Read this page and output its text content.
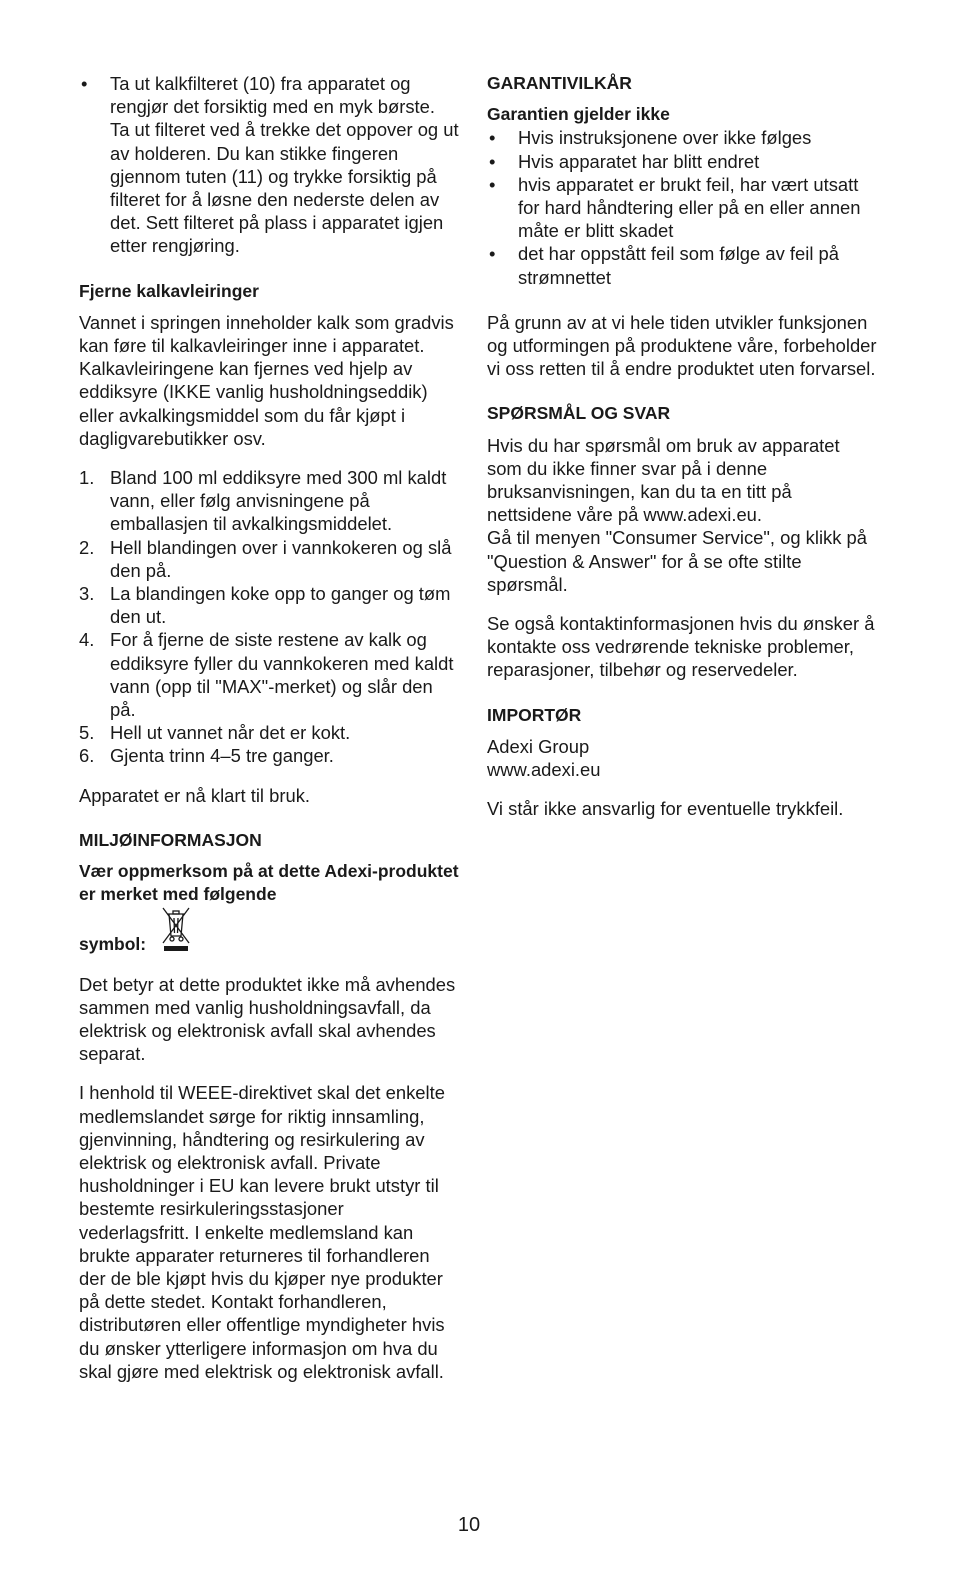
• Ta ut kalkfilteret (10) fra apparatet og rengjør det forsiktig med en myk børste. Ta ut filteret ved å trekke det oppover og ut av holderen. Du kan stikke fingeren gjennom tuten (11) og trykke forsiktig på filteret for å løsne den nederste delen av det. Sett filteret på plass i apparatet igjen etter rengjøring.

Fjerne kalkavleiringer

Vannet i springen inneholder kalk som gradvis kan føre til kalkavleiringer inne i apparatet. Kalkavleiringene kan fjernes ved hjelp av eddiksyre (IKKE vanlig husholdningseddik) eller avkalkingsmiddel som du får kjøpt i dagligvarebutikker osv.

1. Bland 100 ml eddiksyre med 300 ml kaldt vann, eller følg anvisningene på emballasjen til avkalkingsmiddelet.
2. Hell blandingen over i vannkokeren og slå den på.
3. La blandingen koke opp to ganger og tøm den ut.
4. For å fjerne de siste restene av kalk og eddiksyre fyller du vannkokeren med kaldt vann (opp til "MAX"-merket) og slår den på.
5. Hell ut vannet når det er kokt.
6. Gjenta trinn 4–5 tre ganger.

Apparatet er nå klart til bruk.

MILJØINFORMASJON

Vær oppmerksom på at dette Adexi-produktet er merket med følgende

symbol:

Det betyr at dette produktet ikke må avhendes sammen med vanlig husholdningsavfall, da elektrisk og elektronisk avfall skal avhendes separat.

I henhold til WEEE-direktivet skal det enkelte medlemslandet sørge for riktig innsamling, gjenvinning, håndtering og resirkulering av elektrisk og elektronisk avfall. Private husholdninger i EU kan levere brukt utstyr til bestemte resirkuleringsstasjoner vederlagsfritt. I enkelte medlemsland kan brukte apparater returneres til forhandleren der de ble kjøpt hvis du kjøper nye produkter på dette stedet. Kontakt forhandleren, distributøren eller offentlige myndigheter hvis du ønsker ytterligere informasjon om hva du skal gjøre med elektrisk og elektronisk avfall.

GARANTIVILKÅR

Garantien gjelder ikke

• Hvis instruksjonene over ikke følges
• Hvis apparatet har blitt endret
• hvis apparatet er brukt feil, har vært utsatt for hard håndtering eller på en eller annen måte er blitt skadet
• det har oppstått feil som følge av feil på strømnettet

På grunn av at vi hele tiden utvikler funksjonen og utformingen på produktene våre, forbeholder vi oss retten til å endre produktet uten forvarsel.

SPØRSMÅL OG SVAR

Hvis du har spørsmål om bruk av apparatet som du ikke finner svar på i denne bruksanvisningen, kan du ta en titt på nettsidene våre på www.adexi.eu.

Gå til menyen "Consumer Service", og klikk på "Question & Answer" for å se ofte stilte spørsmål.

Se også kontaktinformasjonen hvis du ønsker å kontakte oss vedrørende tekniske problemer, reparasjoner, tilbehør og reservedeler.

IMPORTØR

Adexi Group

www.adexi.eu

Vi står ikke ansvarlig for eventuelle trykkfeil.

10
